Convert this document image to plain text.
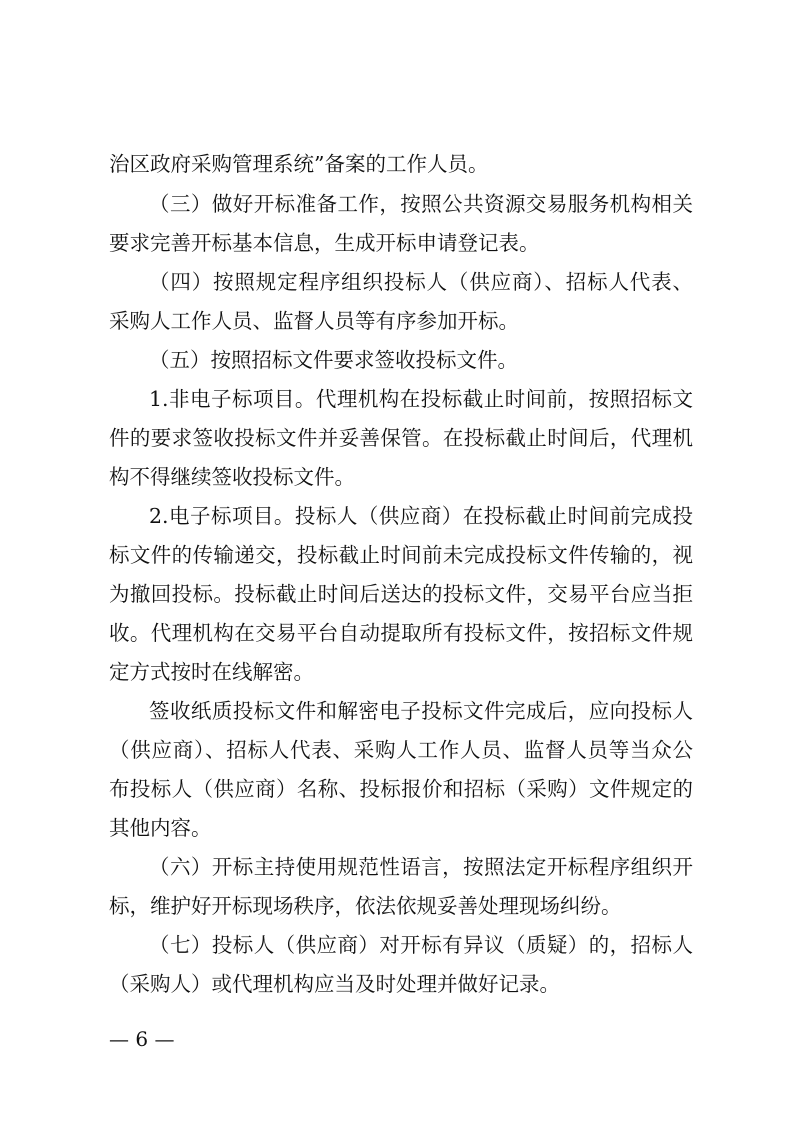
治区政府采购管理系统”备案的工作人员。
（三）做好开标准备工作，按照公共资源交易服务机构相关
要求完善开标基本信息，生成开标申请登记表。
（四）按照规定程序组织投标人（供应商）、招标人代表、
采购人工作人员、监督人员等有序参加开标。
（五）按照招标文件要求签收投标文件。
1.非电子标项目。代理机构在投标截止时间前，按照招标文
件的要求签收投标文件并妥善保管。在投标截止时间后，代理机
构不得继续签收投标文件。
2.电子标项目。投标人（供应商）在投标截止时间前完成投
标文件的传输递交，投标截止时间前未完成投标文件传输的，视
为撤回投标。投标截止时间后送达的投标文件，交易平台应当拒
收。代理机构在交易平台自动提取所有投标文件，按招标文件规
定方式按时在线解密。
签收纸质投标文件和解密电子投标文件完成后，应向投标人
（供应商）、招标人代表、采购人工作人员、监督人员等当众公
布投标人（供应商）名称、投标报价和招标（采购）文件规定的
其他内容。
（六）开标主持使用规范性语言，按照法定开标程序组织开
标，维护好开标现场秩序，依法依规妥善处理现场纠纷。
（七）投标人（供应商）对开标有异议（质疑）的，招标人
（采购人）或代理机构应当及时处理并做好记录。
— 6 —
